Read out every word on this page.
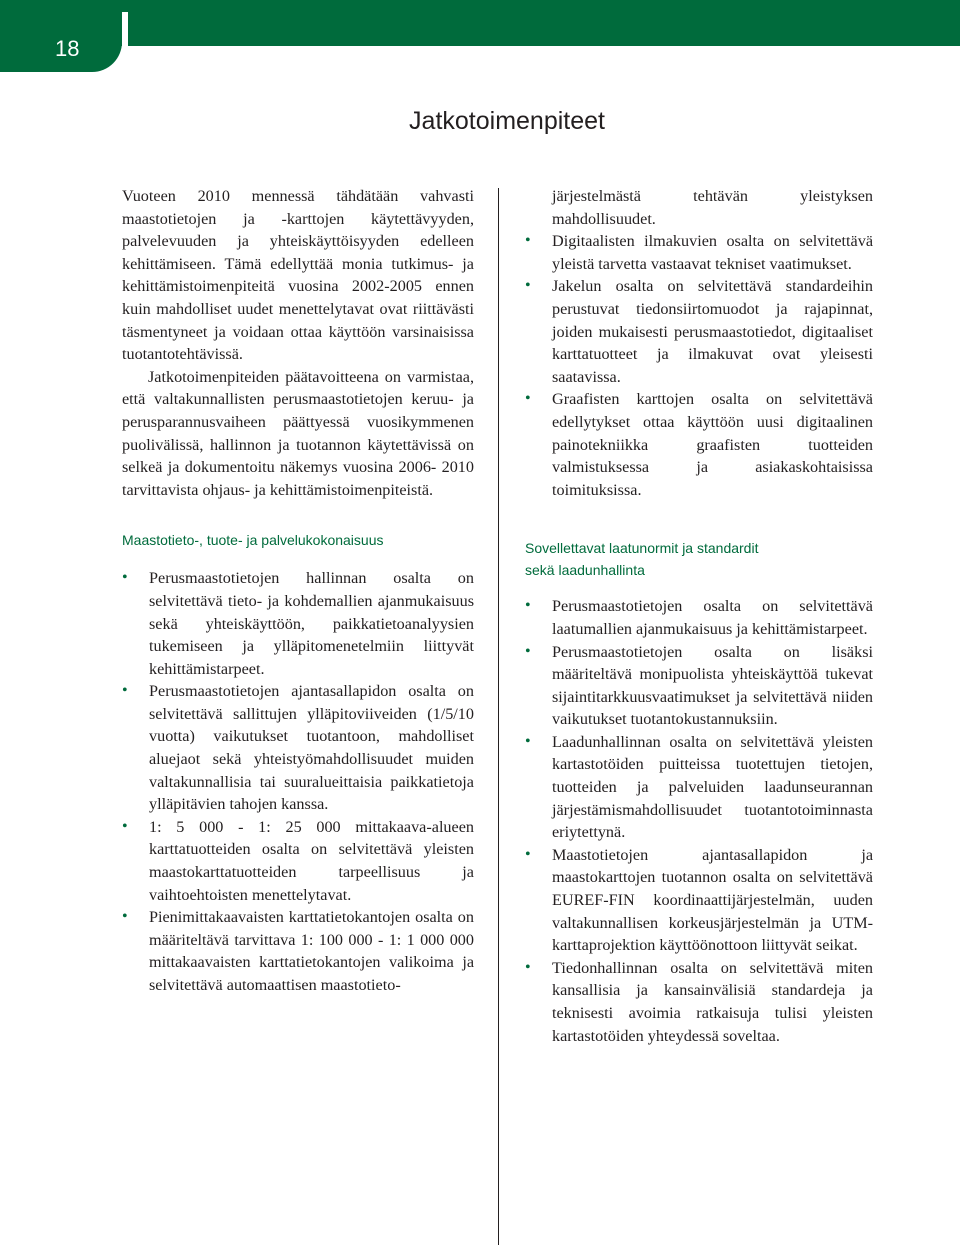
18
Jatkotoimenpiteet

Vuoteen 2010 mennessä tähdätään vahvasti maastotietojen ja -karttojen käytettävyyden, palvelevuuden ja yhteiskäyttöisyyden edelleen kehittämiseen. Tämä edellyttää monia tutkimus- ja kehittämistoimenpiteitä vuosina 2002-2005 ennen kuin mahdolliset uudet menettelytavat ovat riittävästi täsmentyneet ja voidaan ottaa käyttöön varsinaisissa tuotantotehtävissä.

Jatkotoimenpiteiden päätavoitteena on varmistaa, että valtakunnallisten perusmaastotietojen keruu- ja perusparannusvaiheen päättyessä vuosikymmenen puolivälissä, hallinnon ja tuotannon käytettävissä on selkeä ja dokumentoitu näkemys vuosina 2006- 2010 tarvittavista ohjaus- ja kehittämistoimenpiteistä.

Maastotieto-, tuote- ja palvelukokonaisuus
• Perusmaastotietojen hallinnan osalta on selvitettävä tieto- ja kohdemallien ajanmukaisuus sekä yhteiskäyttöön, paikkatietoanalyysien tukemiseen ja ylläpitomenetelmiin liittyvät kehittämistarpeet.
• Perusmaastotietojen ajantasallapidon osalta on selvitettävä sallittujen ylläpitoviiveiden (1/5/10 vuotta) vaikutukset tuotantoon, mahdolliset aluejaot sekä yhteistyömahdollisuudet muiden valtakunnallisia tai suuralueittaisia paikkatietoja ylläpitävien tahojen kanssa.
• 1: 5 000 - 1: 25 000 mittakaava-alueen karttatuotteiden osalta on selvitettävä yleisten maastokarttatuotteiden tarpeellisuus ja vaihtoehtoisten menettelytavat.
• Pienimittakaavaisten karttatietokantojen osalta on määriteltävä tarvittava 1: 100 000 - 1: 1 000 000 mittakaavaisten karttatietokantojen valikoima ja selvitettävä automaattisen maastotieto-
järjestelmästä tehtävän yleistyksen mahdollisuudet.
• Digitaalisten ilmakuvien osalta on selvitettävä yleistä tarvetta vastaavat tekniset vaatimukset.
• Jakelun osalta on selvitettävä standardeihin perustuvat tiedonsiirtomuodot ja rajapinnat, joiden mukaisesti perusmaastotiedot, digitaaliset karttatuotteet ja ilmakuvat ovat yleisesti saatavissa.
• Graafisten karttojen osalta on selvitettävä edellytykset ottaa käyttöön uusi digitaalinen painotekniikka graafisten tuotteiden valmistuksessa ja asiakaskohtaisissa toimituksissa.
Sovellettavat laatunormit ja standardit
sekä laadunhallinta
• Perusmaastotietojen osalta on selvitettävä laatumallien ajanmukaisuus ja kehittämistarpeet.
• Perusmaastotietojen osalta on lisäksi määriteltävä monipuolista yhteiskäyttöä tukevat sijaintitarkkuusvaatimukset ja selvitettävä niiden vaikutukset tuotantokustannuksiin.
• Laadunhallinnan osalta on selvitettävä yleisten kartastotöiden puitteissa tuotettujen tietojen, tuotteiden ja palveluiden laadunseurannan järjestämismahdollisuudet tuotantotoiminnasta eriytettynä.
• Maastotietojen ajantasallapidon ja maastokarttojen tuotannon osalta on selvitettävä EUREF-FIN koordinaattijärjestelmän, uuden valtakunnallisen korkeusjärjestelmän ja UTM-karttaprojektion käyttöönottoon liittyvät seikat.
• Tiedonhallinnan osalta on selvitettävä miten kansallisia ja kansainvälisiä standardeja ja teknisesti avoimia ratkaisuja tulisi yleisten kartastotöiden yhteydessä soveltaa.
